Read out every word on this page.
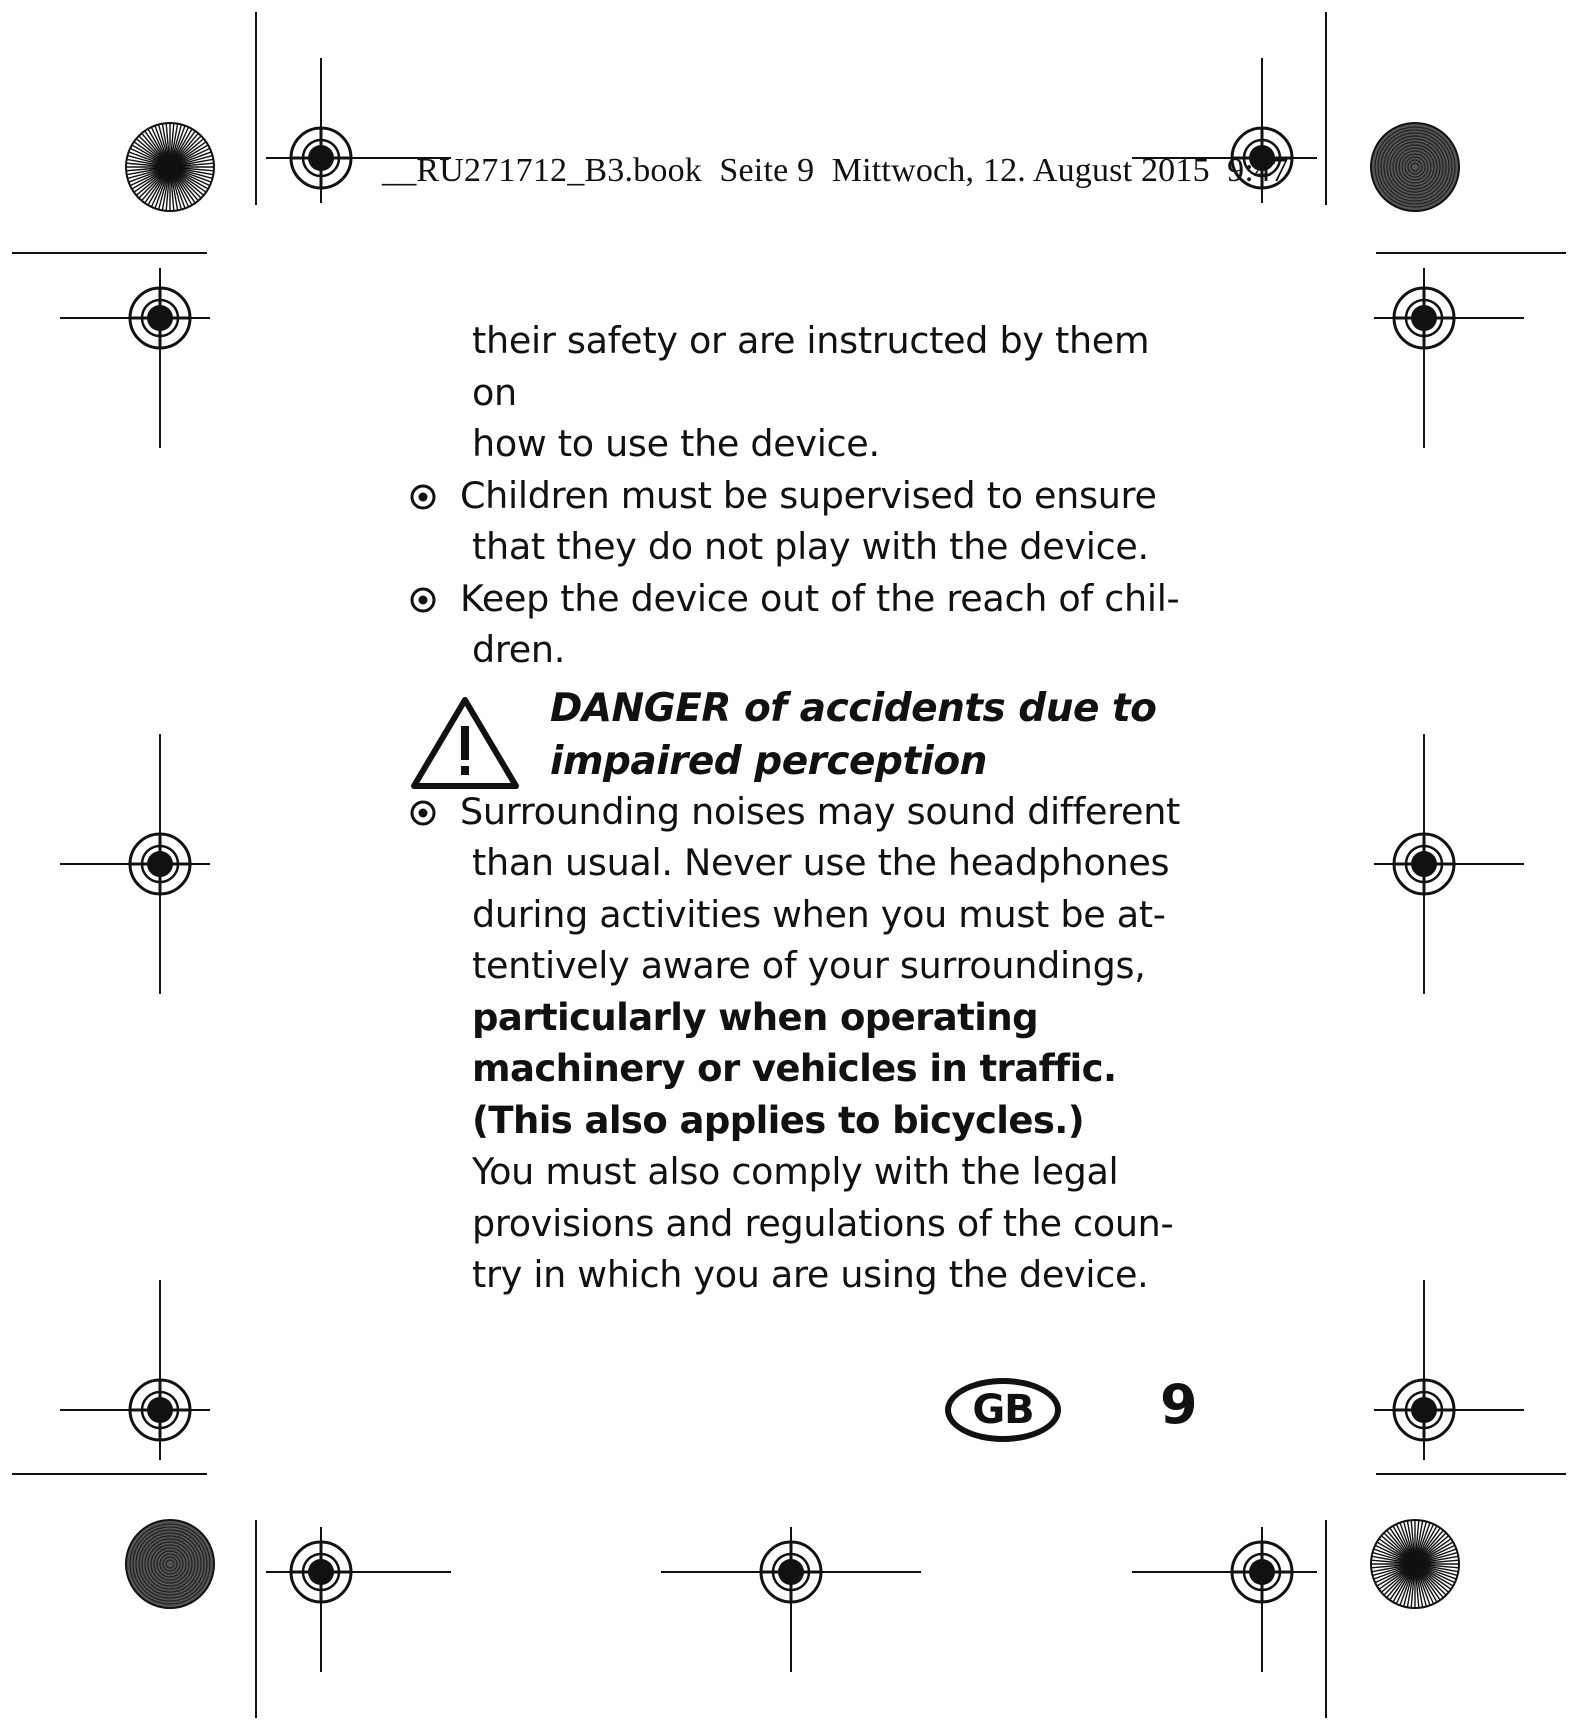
__RU271712_B3.book  Seite 9  Mittwoch, 12. August 2015  9:47

their safety or are instructed by them on
how to use the device.

Children must be supervised to ensure
that they do not play with the device.

Keep the device out of the reach of chil-
dren.

DANGER of accidents due to
impaired perception

Surrounding noises may sound different
than usual. Never use the headphones
during activities when you must be at-
tentively aware of your surroundings,
particularly when operating
machinery or vehicles in traffic.
(This also applies to bicycles.)
You must also comply with the legal
provisions and regulations of the coun-
try in which you are using the device.

GB	9
